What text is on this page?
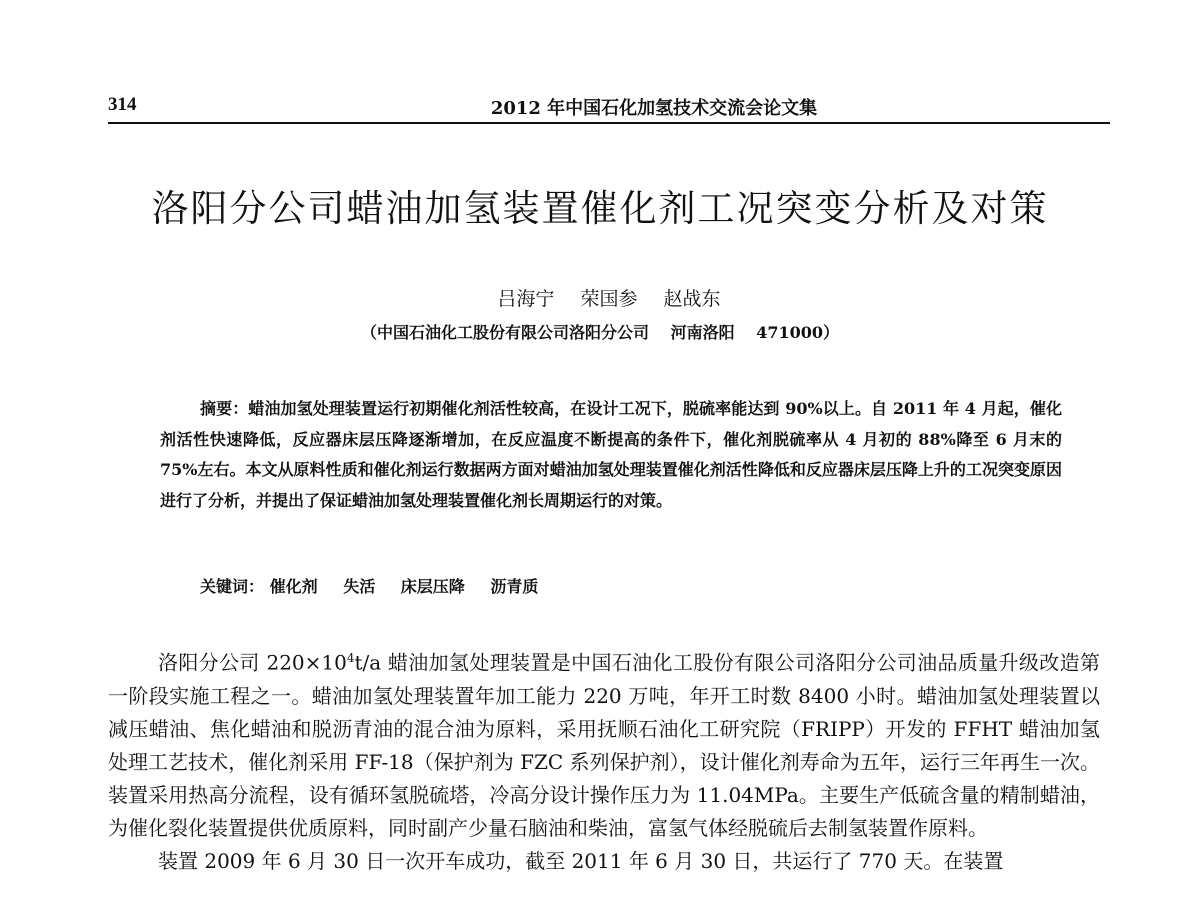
314	2012 年中国石化加氢技术交流会论文集
洛阳分公司蜡油加氢装置催化剂工况突变分析及对策
吕海宁 荣国参 赵战东
（中国石油化工股份有限公司洛阳分公司 河南洛阳 471000）

摘要：蜡油加氢处理装置运行初期催化剂活性较高，在设计工况下，脱硫率能达到 90%以上。自 2011 年 4 月起，催化剂活性快速降低，反应器床层压降逐渐增加，在反应温度不断提高的条件下，催化剂脱硫率从 4 月初的 88%降至 6 月末的 75%左右。本文从原料性质和催化剂运行数据两方面对蜡油加氢处理装置催化剂活性降低和反应器床层压降上升的工况突变原因进行了分析，并提出了保证蜡油加氢处理装置催化剂长周期运行的对策。

关键词： 催化剂 失活 床层压降 沥青质

洛阳分公司 $220\times 10^4t/a$ 蜡油加氢处理装置是中国石油化工股份有限公司洛阳分公司油品质量升级改造第一阶段实施工程之一。蜡油加氢处理装置年加工能力 220 万吨，年开工时数 8400 小时。蜡油加氢处理装置以减压蜡油、焦化蜡油和脱沥青油的混合油为原料，采用抚顺石油化工研究院（FRIPP）开发的 FFHT 蜡油加氢处理工艺技术，催化剂采用 FF-18（保护剂为 FZC 系列保护剂），设计催化剂寿命为五年，运行三年再生一次。装置采用热高分流程，设有循环氢脱硫塔，冷高分设计操作压力为 11.04MPa。主要生产低硫含量的精制蜡油，为催化裂化装置提供优质原料，同时副产少量石脑油和柴油，富氢气体经脱硫后去制氢装置作原料。

装置 2009 年 6 月 30 日一次开车成功，截至 2011 年 6 月 30 日，共运行了 770 天。在装置
